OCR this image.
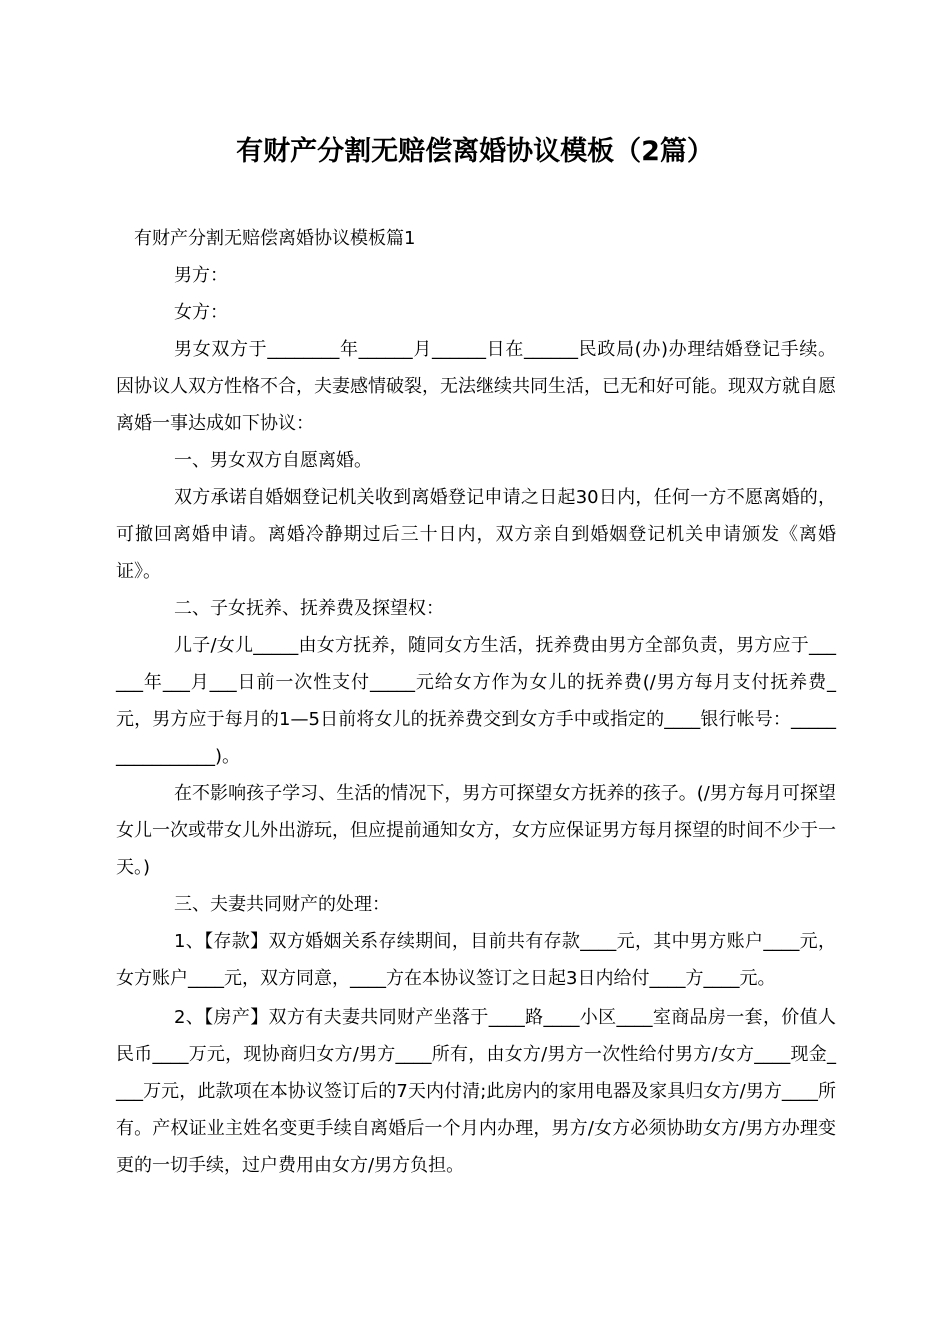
有财产分割无赔偿离婚协议模板（2篇）

有财产分割无赔偿离婚协议模板篇1

男方：

女方：

男女双方于________年______月______日在______民政局(办)办理结婚登记手续。因协议人双方性格不合，夫妻感情破裂，无法继续共同生活，已无和好可能。现双方就自愿离婚一事达成如下协议：

一、男女双方自愿离婚。

双方承诺自婚姻登记机关收到离婚登记申请之日起30日内，任何一方不愿离婚的，可撤回离婚申请。离婚冷静期过后三十日内，双方亲自到婚姻登记机关申请颁发《离婚证》。

二、子女抚养、抚养费及探望权：

儿子/女儿_____由女方抚养，随同女方生活，抚养费由男方全部负责，男方应于______年___月___日前一次性支付_____元给女方作为女儿的抚养费(/男方每月支付抚养费_元，男方应于每月的1—5日前将女儿的抚养费交到女方手中或指定的____银行帐号：________________)。

在不影响孩子学习、生活的情况下，男方可探望女方抚养的孩子。(/男方每月可探望女儿一次或带女儿外出游玩，但应提前通知女方，女方应保证男方每月探望的时间不少于一天。)

三、夫妻共同财产的处理：

1、【存款】双方婚姻关系存续期间，目前共有存款____元，其中男方账户____元，女方账户____元，双方同意，____方在本协议签订之日起3日内给付____方____元。

2、【房产】双方有夫妻共同财产坐落于____路____小区____室商品房一套，价值人民币____万元，现协商归女方/男方____所有，由女方/男方一次性给付男方/女方____现金____万元，此款项在本协议签订后的7天内付清;此房内的家用电器及家具归女方/男方____所有。产权证业主姓名变更手续自离婚后一个月内办理，男方/女方必须协助女方/男方办理变更的一切手续，过户费用由女方/男方负担。
